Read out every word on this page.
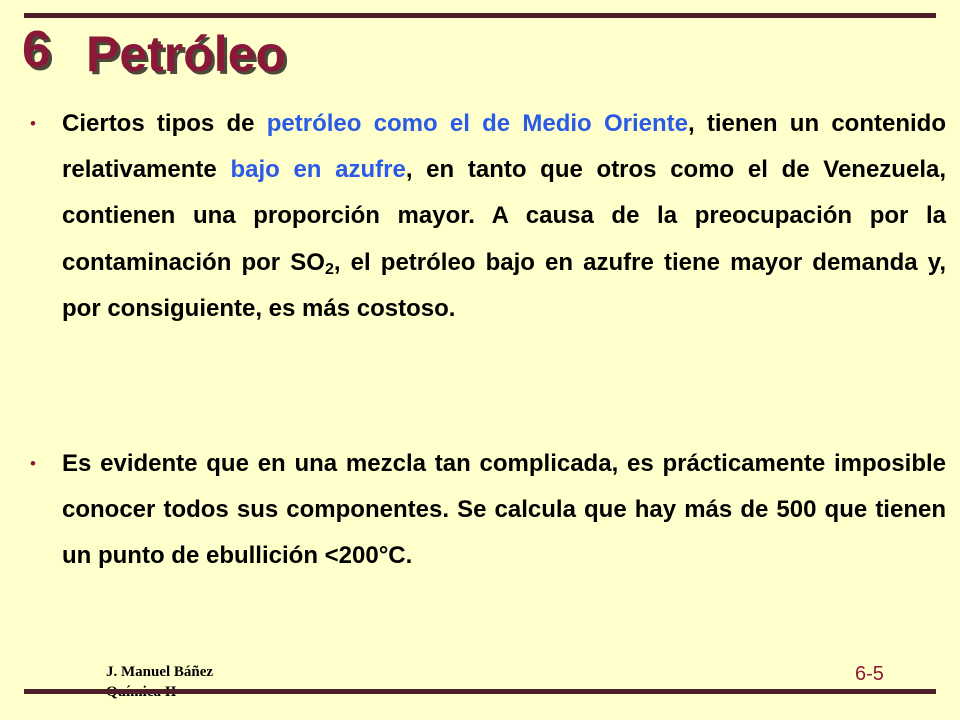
6 Petróleo
• Ciertos tipos de petróleo como el de Medio Oriente, tienen un contenido relativamente bajo en azufre, en tanto que otros como el de Venezuela, contienen una proporción mayor. A causa de la preocupación por la contaminación por $SO_2$, el petróleo bajo en azufre tiene mayor demanda y, por consiguiente, es más costoso.
• Es evidente que en una mezcla tan complicada, es prácticamente imposible conocer todos sus componentes. Se calcula que hay más de 500 que tienen un punto de ebullición <200°C.
J. Manuel Báñez	6-5
